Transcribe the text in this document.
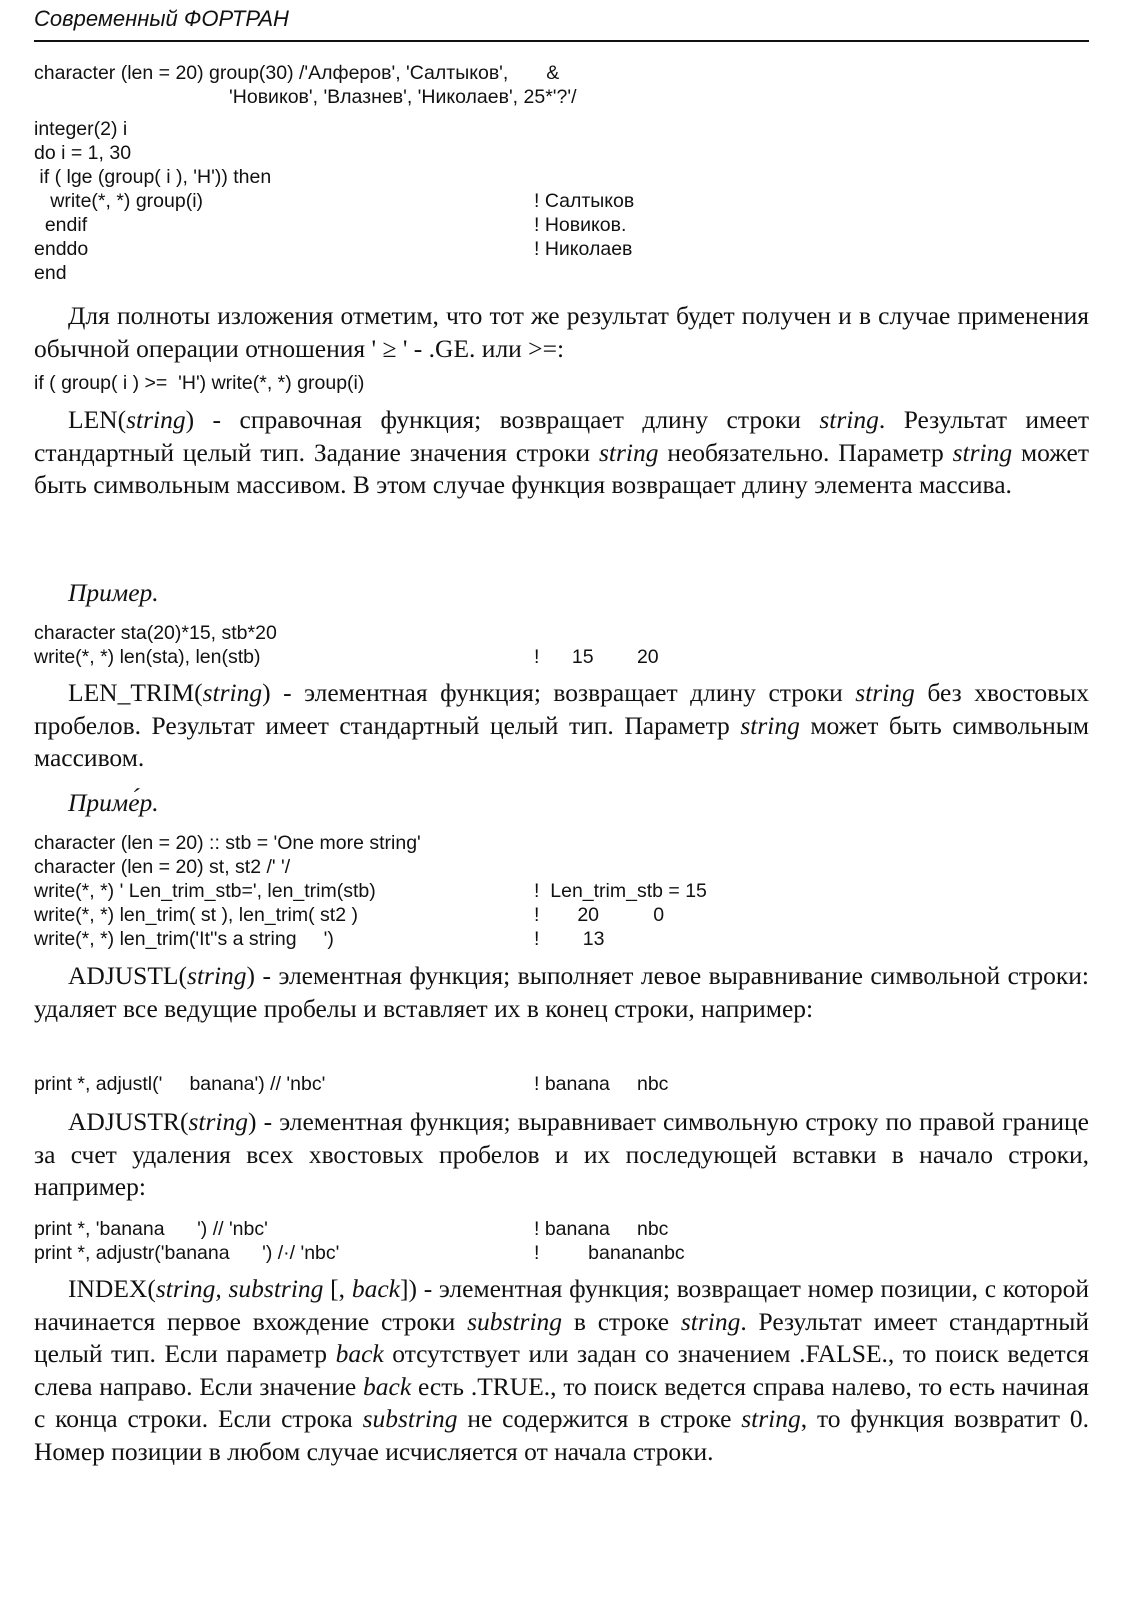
Современный ФОРТРАН
character (len = 20) group(30) /'Алферов', 'Салтыков',       &
'Новиков', 'Влазнев', 'Николаев', 25*'?'/
integer(2) i
do i = 1, 30
if ( lge (group( i ), 'H')) then
write(*, *) group(i)
endif
enddo
end
! Салтыков
! Новиков.
! Николаев

Для полноты изложения отметим, что тот же результат будет получен и в случае применения обычной операции отношения ' ≥ ' - .GE. или >=:

if ( group( i ) >=  'H') write(*, *) group(i)

LEN(string) - справочная функция; возвращает длину строки string. Результат имеет стандартный целый тип. Задание значения строки string необязательно. Параметр string может быть символьным массивом. В этом случае функция возвращает длину элемента массива.

Пример.
character sta(20)*15, stb*20
write(*, *) len(sta), len(stb)	!      15        20

LEN_TRIM(string) - элементная функция; возвращает длину строки string без хвостовых пробелов. Результат имеет стандартный целый тип. Параметр string может быть символьным массивом.

Приме́р.
character (len = 20) :: stb = 'One more string'
character (len = 20) st, st2 /' '/
write(*, *) ' Len_trim_stb=', len_trim(stb)
write(*, *) len_trim( st ), len_trim( st2 )
write(*, *) len_trim('It''s a string     ')
!  Len_trim_stb = 15
!       20          0
!        13

ADJUSTL(string) - элементная функция; выполняет левое выравнивание символьной строки: удаляет все ведущие пробелы и вставляет их в конец строки, например:

print *, adjustl('     banana') // 'nbc'	! banana     nbc

ADJUSTR(string) - элементная функция; выравнивает символьную строку по правой границе за счет удаления всех хвостовых пробелов и их последующей вставки в начало строки, например:

print *, 'banana      ') // 'nbc'
print *, adjustr('banana      ') /·/ 'nbc'
! banana     nbc
!         banananbc

INDEX(string, substring [, back]) - элементная функция; возвращает номер позиции, с которой начинается первое вхождение строки substring в строке string. Результат имеет стандартный целый тип. Если параметр back отсутствует или задан со значением .FALSE., то поиск ведется слева направо. Если значение back есть .TRUE., то поиск ведется справа налево, то есть начиная с конца строки. Если строка substring не содержится в строке string, то функция возвратит 0. Номер позиции в любом случае исчисляется от начала строки.
